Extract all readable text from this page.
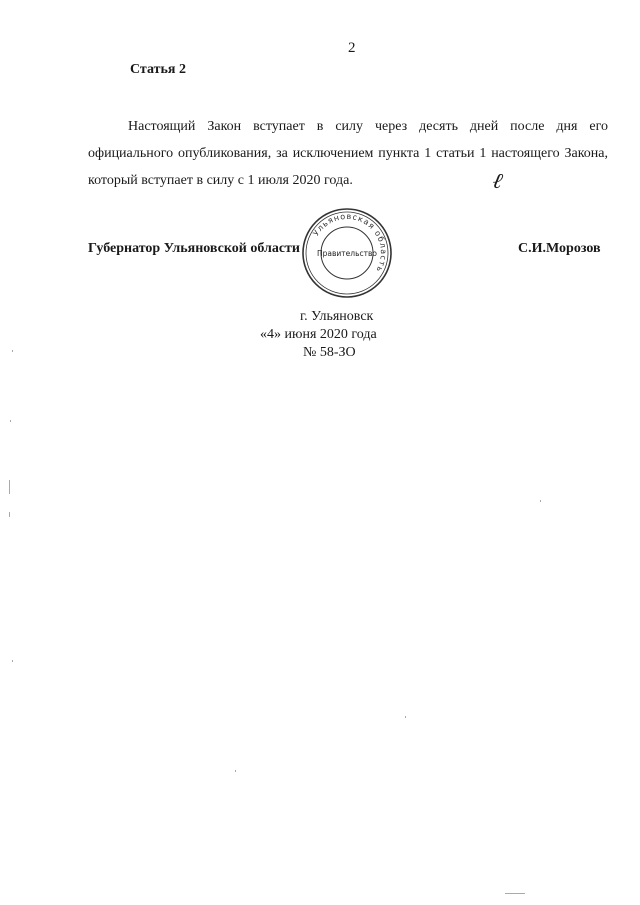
2
Статья 2
Настоящий Закон вступает в силу через десять дней после дня его официального опубликования, за исключением пункта 1 статьи 1 настоящего Закона, который вступает в силу с 1 июля 2020 года.	ℓ
Губернатор Ульяновской области	С.И.Морозов
Ульяновская область
Правительство
г. Ульяновск
«4» июня 2020 года
№ 58-ЗО
